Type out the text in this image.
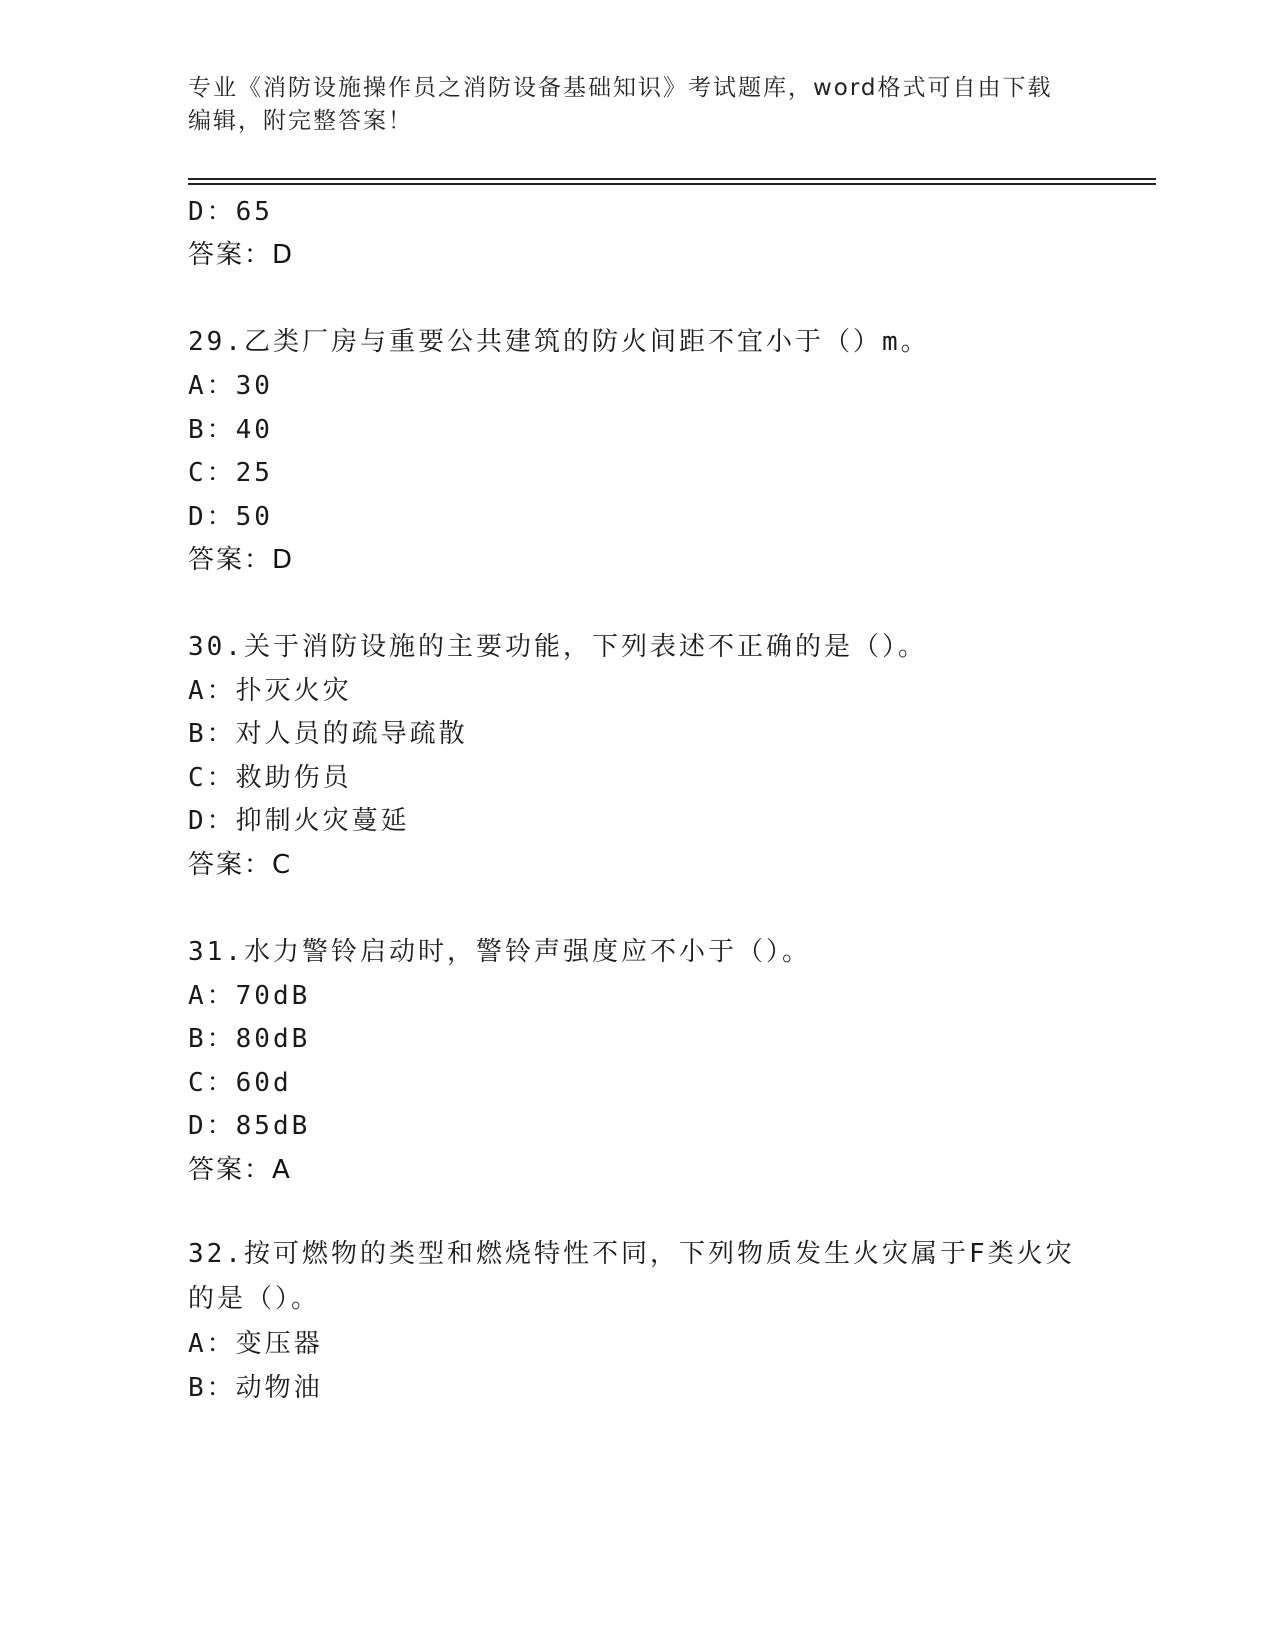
专业《消防设施操作员之消防设备基础知识》考试题库，word格式可自由下载编辑，附完整答案！
D：65
答案：D
29.乙类厂房与重要公共建筑的防火间距不宜小于（）m。
A：30
B：40
C：25
D：50
答案：D
30.关于消防设施的主要功能，下列表述不正确的是（）。
A：扑灭火灾
B：对人员的疏导疏散
C：救助伤员
D：抑制火灾蔓延
答案：C
31.水力警铃启动时，警铃声强度应不小于（）。
A：70dB
B：80dB
C：60d
D：85dB
答案：A
32.按可燃物的类型和燃烧特性不同，下列物质发生火灾属于F类火灾的是（）。
A：变压器
B：动物油
